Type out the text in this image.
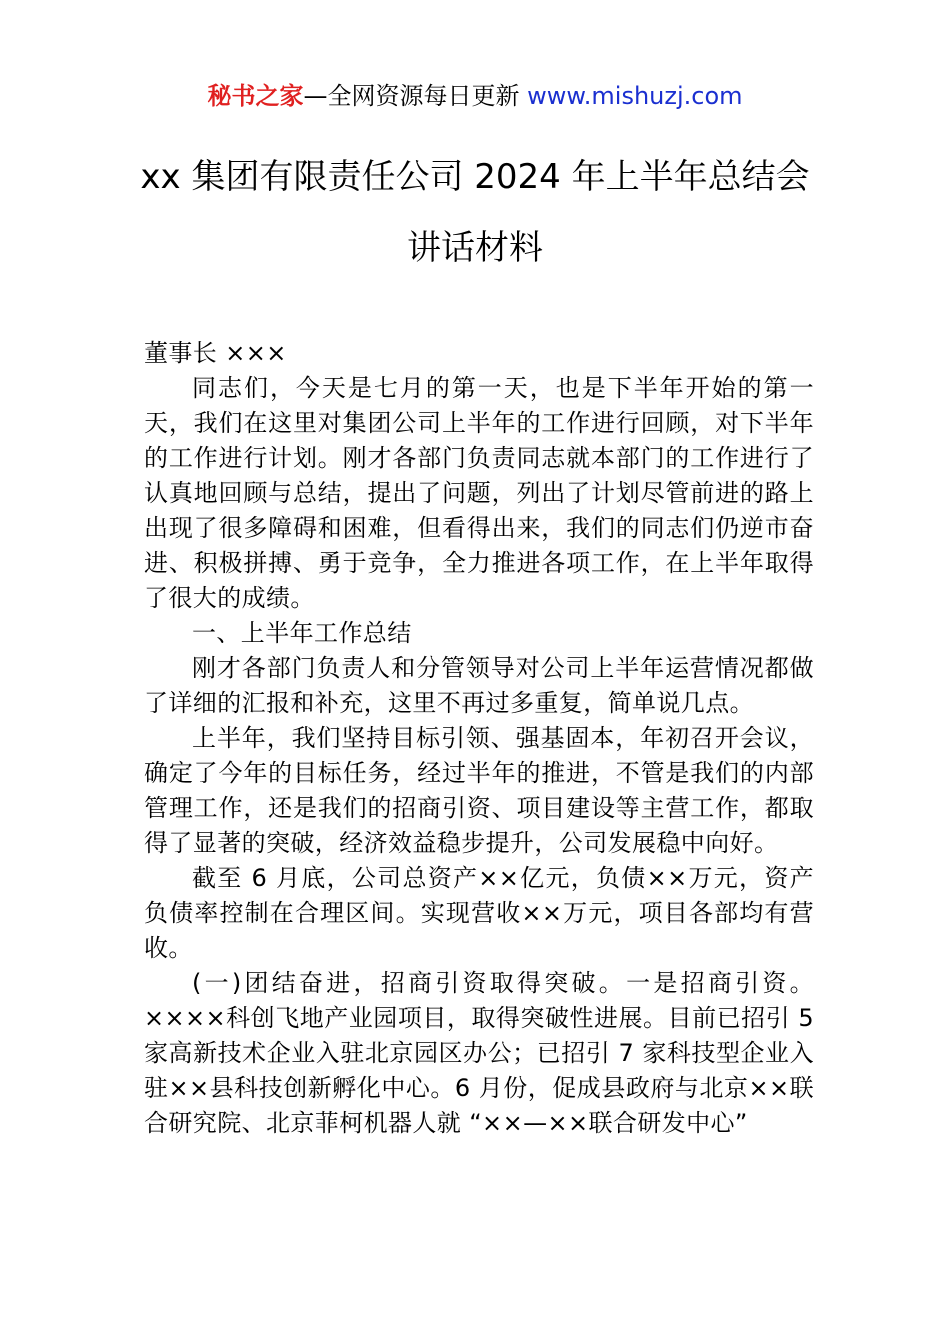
秘书之家—全网资源每日更新 www.mishuzj.com
xx 集团有限责任公司 2024 年上半年总结会
讲话材料

董事长 ×××

同志们，今天是七月的第一天，也是下半年开始的第一天，我们在这里对集团公司上半年的工作进行回顾，对下半年的工作进行计划。刚才各部门负责同志就本部门的工作进行了认真地回顾与总结，提出了问题，列出了计划尽管前进的路上出现了很多障碍和困难，但看得出来，我们的同志们仍逆市奋进、积极拼搏、勇于竞争，全力推进各项工作，在上半年取得了很大的成绩。

一、上半年工作总结

刚才各部门负责人和分管领导对公司上半年运营情况都做了详细的汇报和补充，这里不再过多重复，简单说几点。

上半年，我们坚持目标引领、强基固本，年初召开会议，确定了今年的目标任务，经过半年的推进，不管是我们的内部管理工作，还是我们的招商引资、项目建设等主营工作，都取得了显著的突破，经济效益稳步提升，公司发展稳中向好。

截至 6 月底，公司总资产××亿元，负债××万元，资产负债率控制在合理区间。实现营收××万元，项目各部均有营收。

(一)团结奋进，招商引资取得突破。一是招商引资。××××科创飞地产业园项目，取得突破性进展。目前已招引 5 家高新技术企业入驻北京园区办公；已招引 7 家科技型企业入驻××县科技创新孵化中心。6 月份，促成县政府与北京××联合研究院、北京菲柯机器人就 “××—××联合研发中心”
